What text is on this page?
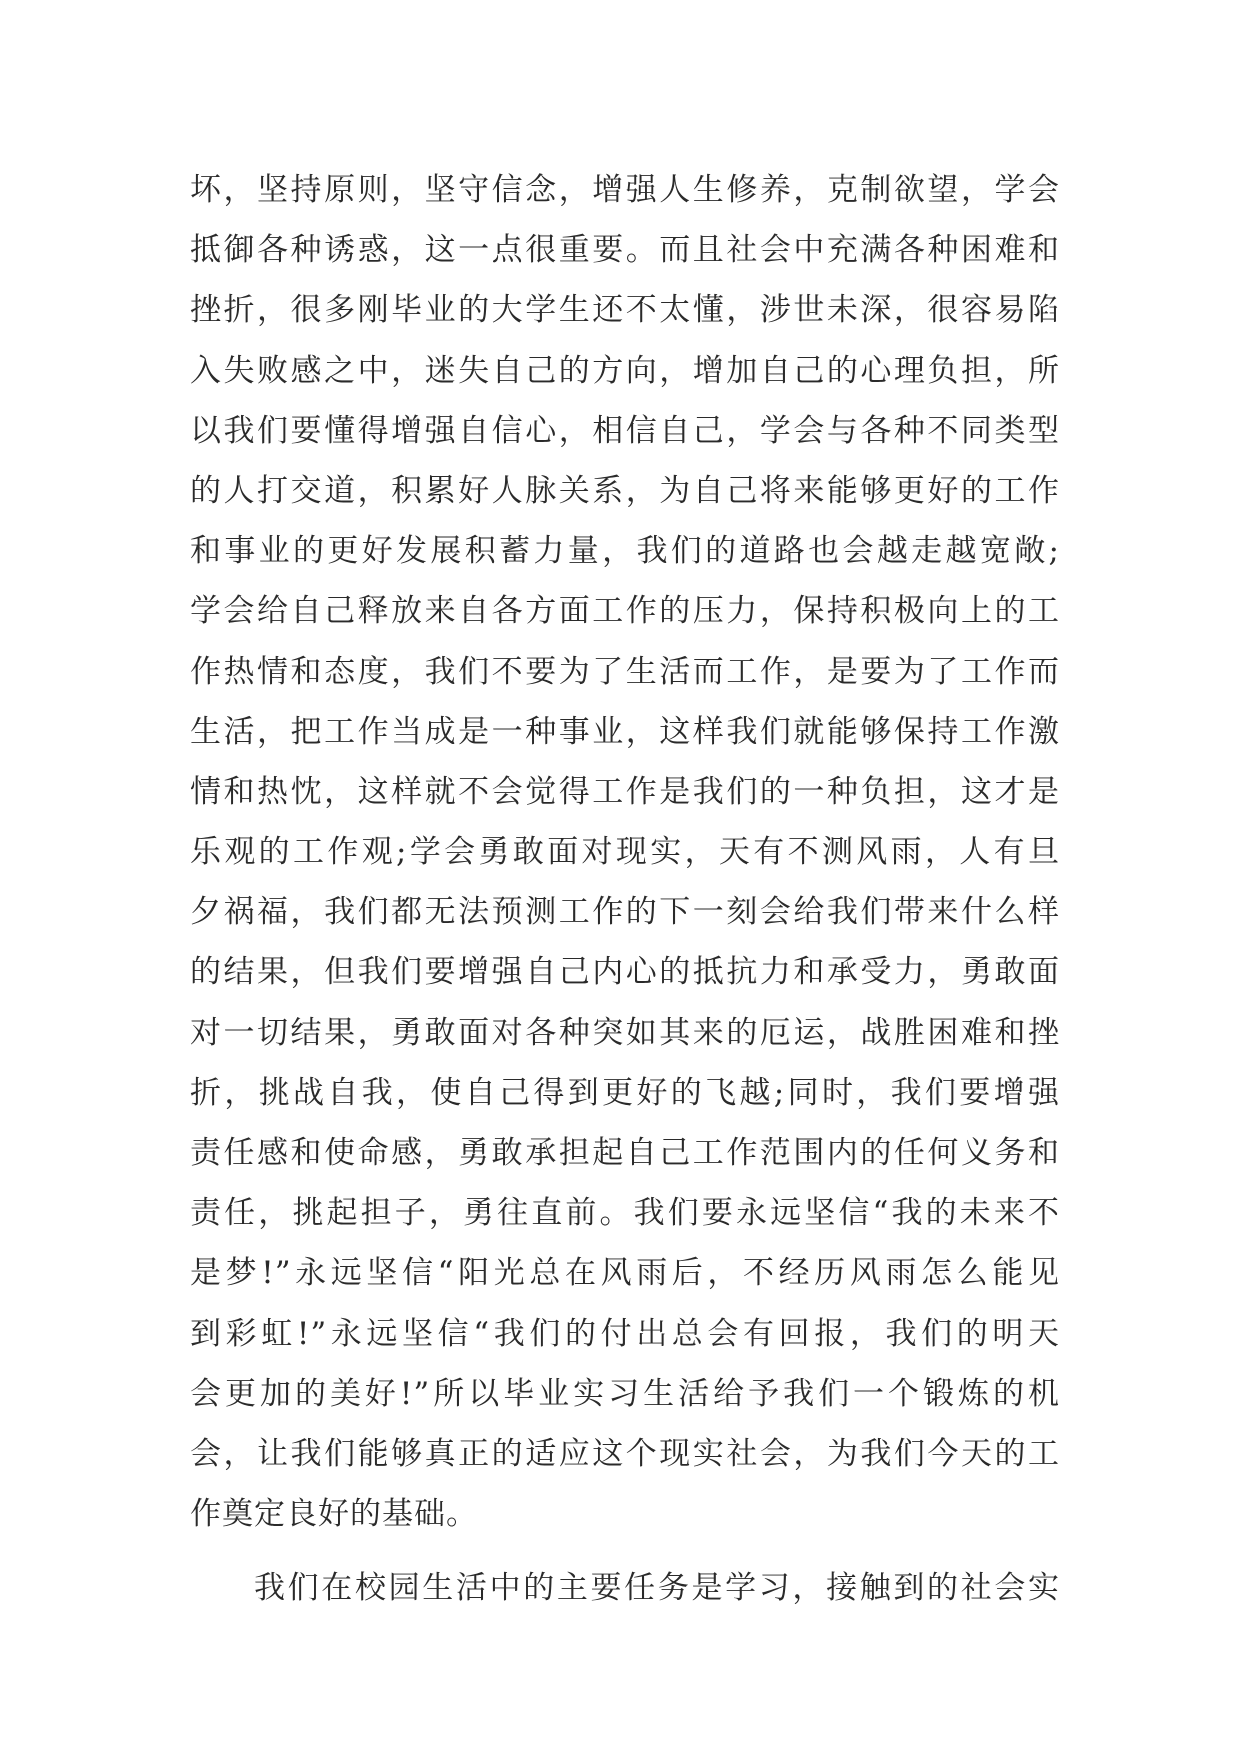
坏，坚持原则，坚守信念，增强人生修养，克制欲望，学会
抵御各种诱惑，这一点很重要。而且社会中充满各种困难和
挫折，很多刚毕业的大学生还不太懂，涉世未深，很容易陷
入失败感之中，迷失自己的方向，增加自己的心理负担，所
以我们要懂得增强自信心，相信自己，学会与各种不同类型
的人打交道，积累好人脉关系，为自己将来能够更好的工作
和事业的更好发展积蓄力量，我们的道路也会越走越宽敞;
学会给自己释放来自各方面工作的压力，保持积极向上的工
作热情和态度，我们不要为了生活而工作，是要为了工作而
生活，把工作当成是一种事业，这样我们就能够保持工作激
情和热忱，这样就不会觉得工作是我们的一种负担，这才是
乐观的工作观;学会勇敢面对现实，天有不测风雨，人有旦
夕祸福，我们都无法预测工作的下一刻会给我们带来什么样
的结果，但我们要增强自己内心的抵抗力和承受力，勇敢面
对一切结果，勇敢面对各种突如其来的厄运，战胜困难和挫
折，挑战自我，使自己得到更好的飞越;同时，我们要增强
责任感和使命感，勇敢承担起自己工作范围内的任何义务和
责任，挑起担子，勇往直前。我们要永远坚信“我的未来不
是梦!”永远坚信“阳光总在风雨后，不经历风雨怎么能见
到彩虹!”永远坚信“我们的付出总会有回报，我们的明天
会更加的美好!”所以毕业实习生活给予我们一个锻炼的机
会，让我们能够真正的适应这个现实社会，为我们今天的工
作奠定良好的基础。
我们在校园生活中的主要任务是学习，接触到的社会实
